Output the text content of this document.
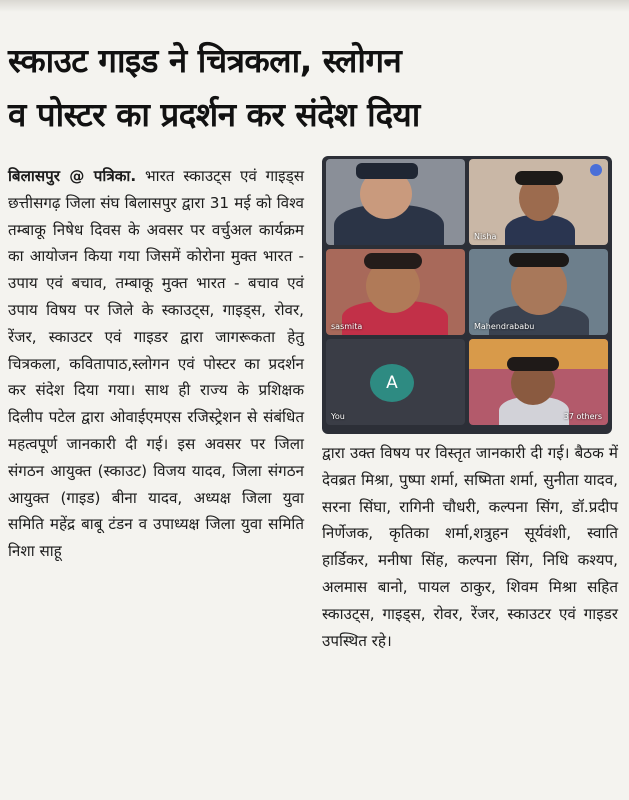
स्काउट गाइड ने चित्रकला, स्लोगन
व पोस्टर का प्रदर्शन कर संदेश दिया

बिलासपुर @ पत्रिका. भारत स्काउट्स एवं गाइड्स छत्तीसगढ़ जिला संघ बिलासपुर द्वारा 31 मई को विश्व तम्बाकू निषेध दिवस के अवसर पर वर्चुअल कार्यक्रम का आयोजन किया गया जिसमें कोरोना मुक्त भारत - उपाय एवं बचाव, तम्बाकू मुक्त भारत - बचाव एवं उपाय विषय पर जिले के स्काउट्स, गाइड्स, रोवर, रेंजर, स्काउटर एवं गाइडर द्वारा जागरूकता हेतु चित्रकला, कवितापाठ,स्लोगन एवं पोस्टर का प्रदर्शन कर संदेश दिया गया। साथ ही राज्य के प्रशिक्षक दिलीप पटेल द्वारा ओवाईएमएस रजिस्ट्रेशन से संबंधित महत्वपूर्ण जानकारी दी गई। इस अवसर पर जिला संगठन आयुक्त (स्काउट) विजय यादव, जिला संगठन आयुक्त (गाइड) बीना यादव, अध्यक्ष जिला युवा समिति महेंद्र बाबू टंडन व उपाध्यक्ष जिला युवा समिति निशा साहू

Nisha
sasmita	Mahendrababu
A
You	37 others

द्वारा उक्त विषय पर विस्तृत जानकारी दी गई। बैठक में देवब्रत मिश्रा, पुष्पा शर्मा, सष्मिता शर्मा, सुनीता यादव, सरना सिंघा, रागिनी चौधरी, कल्पना सिंग, डॉ.प्रदीप निर्णेजक, कृतिका शर्मा,शत्रुहन सूर्यवंशी, स्वाति हार्डिकर, मनीषा सिंह, कल्पना सिंग, निधि कश्यप, अलमास बानो, पायल ठाकुर, शिवम मिश्रा सहित स्काउट्स, गाइड्स, रोवर, रेंजर, स्काउटर एवं गाइडर उपस्थित रहे।
